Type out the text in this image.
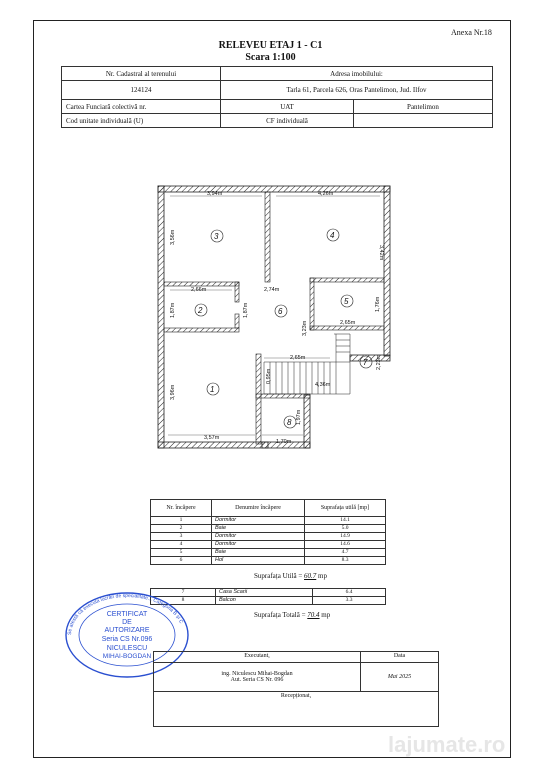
Anexa Nr.18
RELEVEU ETAJ 1 - C1
Scara 1:100
Nr. Cadastral al terenului	Adresa imobilului:	
124124	Tarla 61, Parcela 626, Oras Pantelimon, Jud. Ilfov	
Cartea Funciară colectivă nr.	UAT	Pantelimon
Cod unitate individuală (U)	CF individuală	
3,94m	4,26m
3,56m
3,42m
2,66m	2,74m
1,87m	1,87m
3,23m	2,65m
1,76m
2,65m	2,23m
0,95m
4,36m
3,96m
1,97m
3,57m
1,70m
3	4
2	6
5
7
1
8
Nr. încăpere	Denumire încăpere	Suprafața utilă [mp]
1	Dormitor	14.1
2	Baie	5.0
3	Dormitor	14.9
4	Dormitor	14.6
5	Baie	4.7
6	Hol	8.3
Suprafața Utilă = 60.7 mp
7	Casa Scarii	6.4
8	Balcon	3.3
Suprafața Totală = 70.4 mp
Se atestă că executa lucrări de specialitate... Categoria B și C
CERTIFICAT
DE
AUTORIZARE
Seria CS Nr.096
NICULESCU
MIHAI-BOGDAN	Executant,	Data

ing. Niculescu Mihai-Bogdan
Aut. Seria CS Nr. 096	Mai 2025
Recepționat,	
lajumate.ro
